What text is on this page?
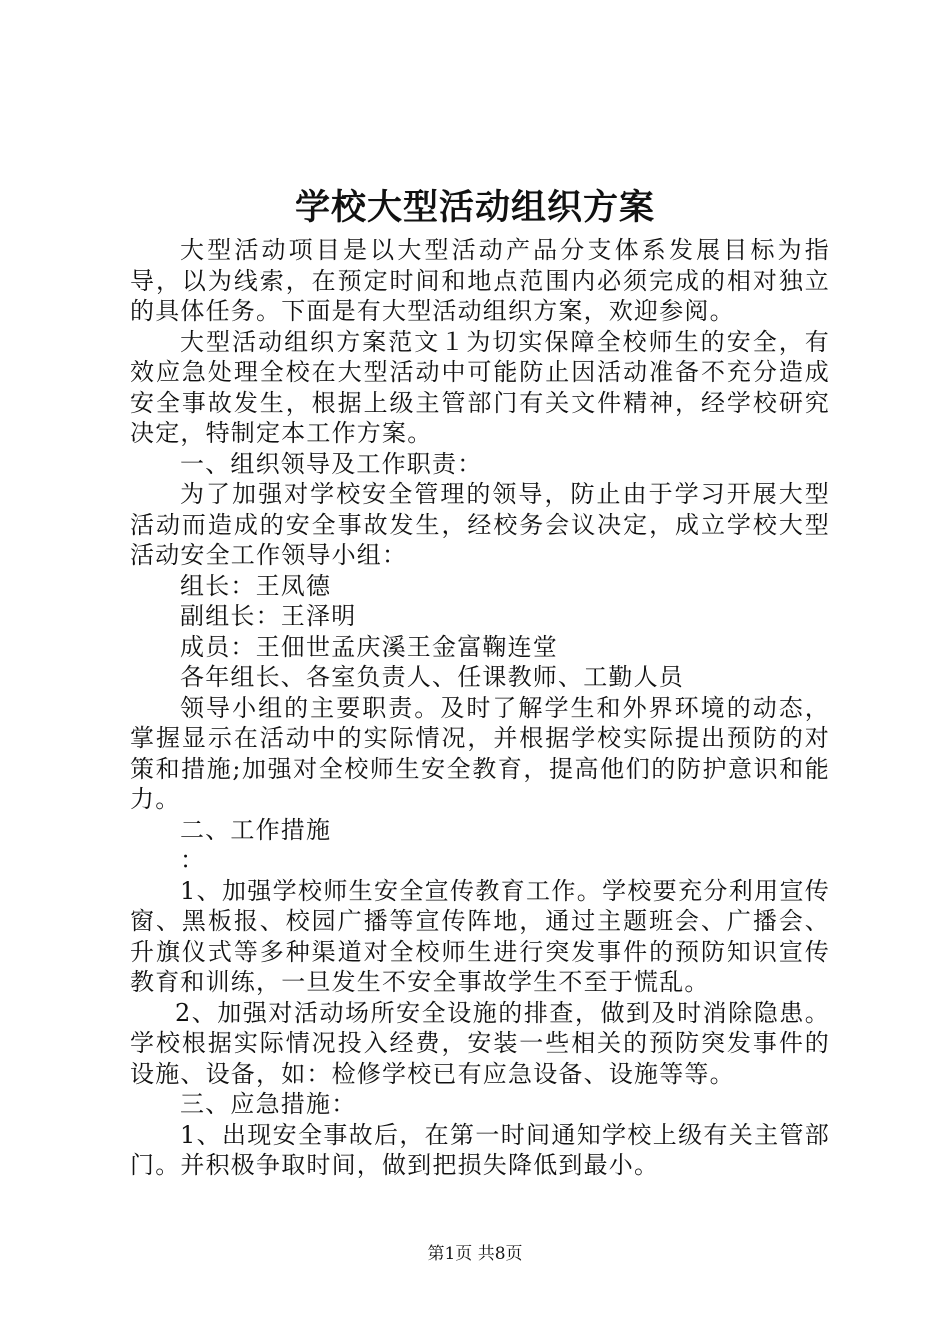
学校大型活动组织方案

大型活动项目是以大型活动产品分支体系发展目标为指导，以为线索，在预定时间和地点范围内必须完成的相对独立的具体任务。下面是有大型活动组织方案，欢迎参阅。

大型活动组织方案范文１为切实保障全校师生的安全，有效应急处理全校在大型活动中可能防止因活动准备不充分造成安全事故发生，根据上级主管部门有关文件精神，经学校研究决定，特制定本工作方案。

一、组织领导及工作职责：

为了加强对学校安全管理的领导，防止由于学习开展大型活动而造成的安全事故发生，经校务会议决定，成立学校大型活动安全工作领导小组：

组长：王凤德

副组长：王泽明

成员：王佃世孟庆溪王金富鞠连堂

各年组长、各室负责人、任课教师、工勤人员

领导小组的主要职责。及时了解学生和外界环境的动态，掌握显示在活动中的实际情况，并根据学校实际提出预防的对策和措施;加强对全校师生安全教育，提高他们的防护意识和能力。

二、工作措施

：

1、加强学校师生安全宣传教育工作。学校要充分利用宣传窗、黑板报、校园广播等宣传阵地，通过主题班会、广播会、升旗仪式等多种渠道对全校师生进行突发事件的预防知识宣传教育和训练，一旦发生不安全事故学生不至于慌乱。

2、加强对活动场所安全设施的排查，做到及时消除隐患。学校根据实际情况投入经费，安装一些相关的预防突发事件的设施、设备，如：检修学校已有应急设备、设施等等。

三、应急措施：

1、出现安全事故后，在第一时间通知学校上级有关主管部门。并积极争取时间，做到把损失降低到最小。

第1页 共8页
